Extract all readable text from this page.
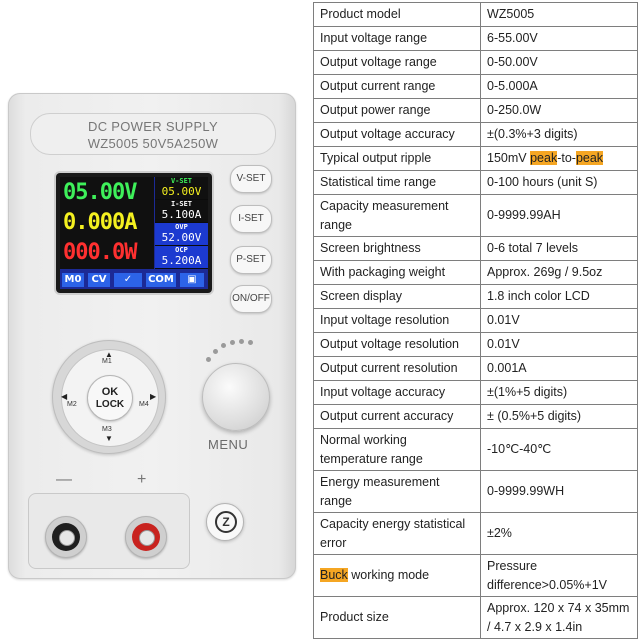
DC POWER SUPPLY
WZ5005 50V5A250W
05.00V
0.000A
000.0W
V-SET
05.00V
I-SET
5.100A
OVP
52.00V
OCP
5.200A
M0	CV	✓	COM	▣
V-SET
I-SET
P-SET
ON/OFF
▲
M1
▼
M3
◀
M2
▶
M4
OK
LOCK
MENU
—	+
Z
Product model	WZ5005
Input voltage range	6-55.00V
Output voltage range	0-50.00V
Output current range	0-5.000A
Output power range	0-250.0W
Output voltage accuracy	±(0.3%+3 digits)
Typical output ripple	150mV peak-to-peak
Statistical time range	0-100 hours (unit S)
Capacity measurement
range	0-9999.99AH
Screen brightness	0-6 total 7 levels
With packaging weight	Approx. 269g / 9.5oz
Screen display	1.8 inch color LCD
Input voltage resolution	0.01V
Output voltage resolution	0.01V
Output current resolution	0.001A
Input voltage accuracy	±(1%+5 digits)
Output current accuracy	± (0.5%+5 digits)
Normal working
temperature range	-10℃-40℃
Energy measurement
range	0-9999.99WH
Capacity energy statistical
error	±2%
Buck working mode	Pressure
difference>0.05%+1V
Product size	Approx. 120 x 74 x 35mm
/ 4.7 x 2.9 x 1.4in
